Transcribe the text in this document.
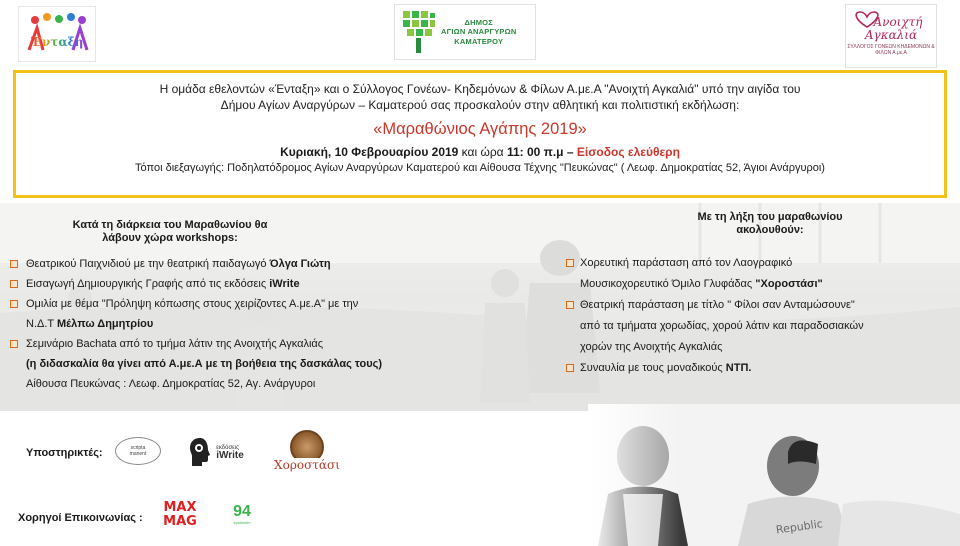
Ένταξη
ΔΗΜΟΣ
ΑΓΙΩΝ ΑΝΑΡΓΥΡΩΝ
ΚΑΜΑΤΕΡΟΥ
Ανοιχτή
Αγκαλιά
ΣΥΛΛΟΓΟΣ ΓΟΝΕΩΝ ΚΗΔΕΜΟΝΩΝ & ΦΙΛΩΝ Α.με.Α
Η ομάδα εθελοντών «Ένταξη» και ο Σύλλογος Γονέων- Κηδεμόνων & Φίλων Α.με.Α "Ανοιχτή Αγκαλιά" υπό την αιγίδα του
Δήμου Αγίων Αναργύρων – Καματερού σας προσκαλούν στην αθλητική και πολιτιστική εκδήλωση:
«Μαραθώνιος Αγάπης 2019»
Κυριακή, 10 Φεβρουαρίου 2019 και ώρα 11: 00 π.μ – Είσοδος ελεύθερη
Τόποι διεξαγωγής: Ποδηλατόδρομος Αγίων Αναργύρων Καματερού και Αίθουσα Τέχνης "Πευκώνας" ( Λεωφ. Δημοκρατίας 52, Άγιοι Ανάργυροι)
Κατά τη διάρκεια του Μαραθωνίου θα
λάβουν χώρα workshops:
Θεατρικού Παιχνιδιού με την θεατρική παιδαγωγό Όλγα Γιώτη
Εισαγωγή Δημιουργικής Γραφής από τις εκδόσεις iWrite
Ομιλία με θέμα "Πρόληψη κόπωσης στους χειρίζοντες Α.με.Α" με την
Ν.Δ.Τ Μέλπω Δημητρίου
Σεμινάριο Bachata από το τμήμα λάτιν της Ανοιχτής Αγκαλιάς
(η διδασκαλία θα γίνει από Α.με.Α με τη βοήθεια της δασκάλας τους)
Αίθουσα Πευκώνας : Λεωφ. Δημοκρατίας 52, Αγ. Ανάργυροι
Με τη λήξη του μαραθωνίου
ακολουθούν:
Χορευτική παράσταση από τον Λαογραφικό
Μουσικοχορευτικό Όμιλο Γλυφάδας "Χοροστάσι"
Θεατρική παράσταση με τίτλο " Φίλοι σαν Ανταμώσουνε"
από τα τμήματα χορωδίας, χορού λάτιν και παραδοσιακών
χορών της Ανοιχτής Αγκαλιάς
Συναυλία με τους μοναδικούς ΝΤΠ.
Υποστηρικτές:	scripta
manent
εκδόσεις
iWrite
Χοροστάσι
Χορηγοί Επικοινωνίας :
MAX
MAG
94
epsilonfm
